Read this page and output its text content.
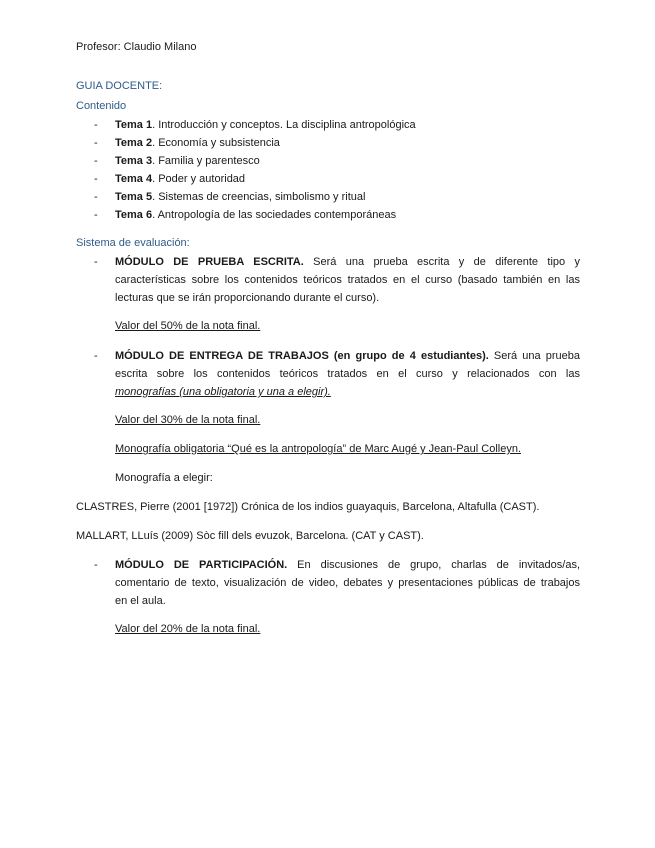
Profesor: Claudio Milano
GUIA DOCENTE:
Contenido
-	Tema 1. Introducción y conceptos. La disciplina antropológica
-	Tema 2. Economía y subsistencia
-	Tema 3. Familia y parentesco
-	Tema 4. Poder y autoridad
-	Tema 5. Sistemas de creencias, simbolismo y ritual
-	Tema 6. Antropología de las sociedades contemporáneas
Sistema de evaluación:
-	MÓDULO DE PRUEBA ESCRITA. Será una prueba escrita y de diferente tipo y
características sobre los contenidos teóricos tratados en el curso (basado también en las
lecturas que se irán proporcionando durante el curso).
Valor del 50% de la nota final.
-	MÓDULO DE ENTREGA DE TRABAJOS (en grupo de 4 estudiantes). Será una prueba
escrita sobre los contenidos teóricos tratados en el curso y relacionados con las
monografías (una obligatoria y una a elegir).
Valor del 30% de la nota final.
Monografía obligatoria “Qué es la antropología” de Marc Augé y Jean-Paul Colleyn.
Monografía a elegir:
CLASTRES, Pierre (2001 [1972]) Crónica de los indios guayaquis, Barcelona, Altafulla (CAST).
MALLART, LLuís (2009) Sòc fill dels evuzok, Barcelona. (CAT y CAST).
-	MÓDULO DE PARTICIPACIÓN. En discusiones de grupo, charlas de invitados/as,
comentario de texto, visualización de video, debates y presentaciones públicas de trabajos
en el aula.
Valor del 20% de la nota final.
